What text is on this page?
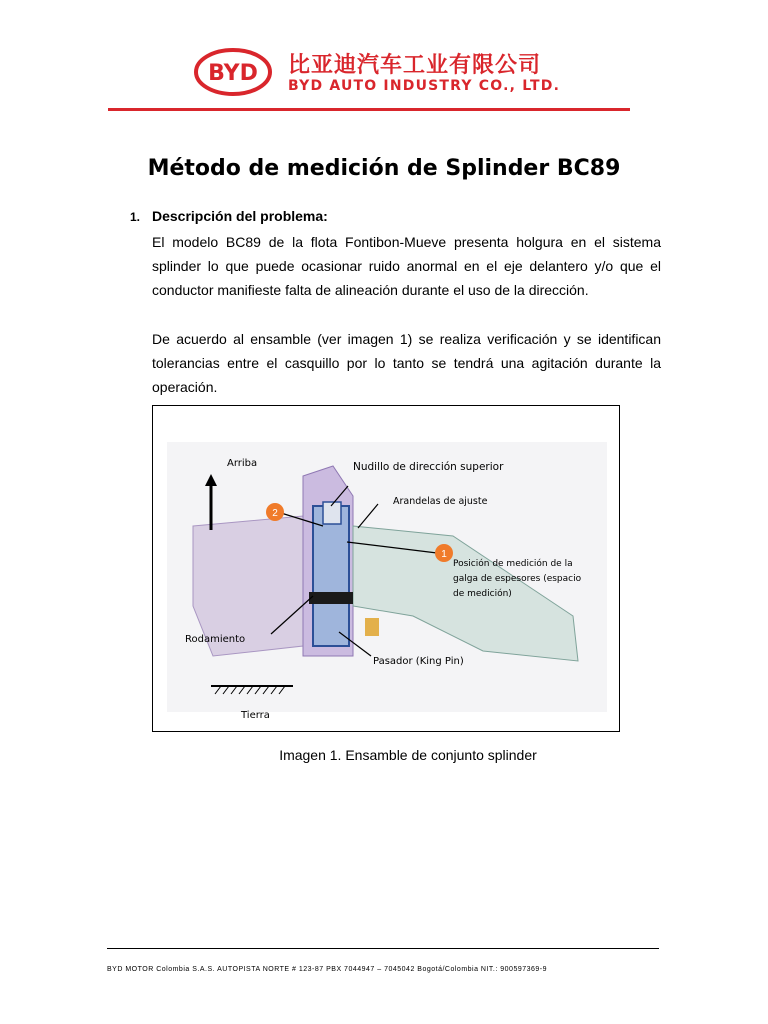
BYD 比亚迪汽车工业有限公司
BYD AUTO INDUSTRY CO., LTD.
Método de medición de Splinder BC89
1. Descripción del problema:
El modelo BC89 de la flota Fontibon-Mueve presenta holgura en el sistema splinder lo que puede ocasionar ruido anormal en el eje delantero y/o que el conductor manifieste falta de alineación durante el uso de la dirección.
De acuerdo al ensamble (ver imagen 1) se realiza verificación y se identifican tolerancias entre el casquillo por lo tanto se tendrá una agitación durante la operación.
2
1
Arriba	Nudillo de dirección superior
Arandelas de ajuste
Posición de medición de la galga de espesores (espacio de medición)
Rodamiento
Pasador (King Pin)
Tierra
Imagen 1. Ensamble de conjunto splinder
BYD MOTOR Colombia S.A.S. AUTOPISTA NORTE # 123-87 PBX 7044947 – 7045042 Bogotá/Colombia NIT.: 900597369-9
